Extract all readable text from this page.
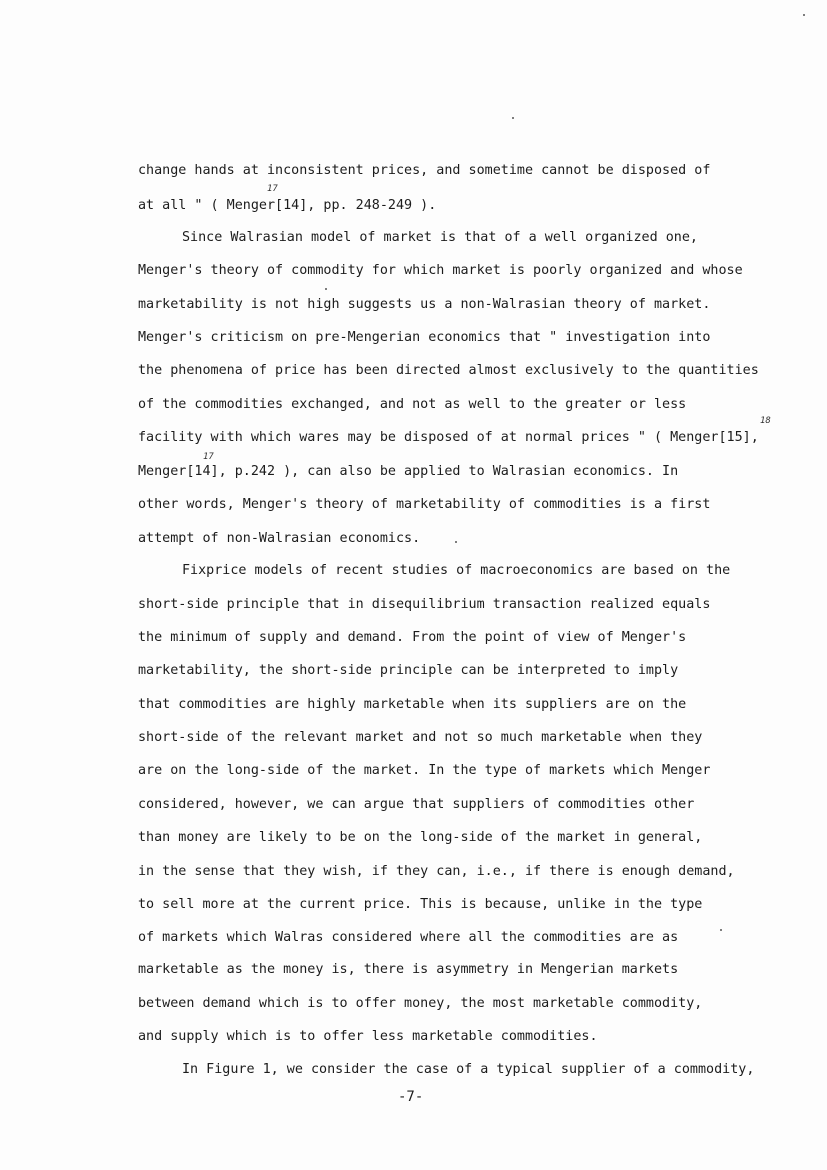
change hands at inconsistent prices, and sometime cannot be disposed of
at all " ( Menger[14], pp. 248-249 ).
Since Walrasian model of market is that of a well organized one,
Menger's theory of commodity for which market is poorly organized and whose
marketability is not high suggests us a non-Walrasian theory of market.
Menger's criticism on pre-Mengerian economics that " investigation into
the phenomena of price has been directed almost exclusively to the quantities
of the commodities exchanged, and not as well to the greater or less
facility with which wares may be disposed of at normal prices " ( Menger[15],
Menger[14], p.242 ), can also be applied to Walrasian economics. In
other words, Menger's theory of marketability of commodities is a first
attempt of non-Walrasian economics.
Fixprice models of recent studies of macroeconomics are based on the
short-side principle that in disequilibrium transaction realized equals
the minimum of supply and demand. From the point of view of Menger's
marketability, the short-side principle can be interpreted to imply
that commodities are highly marketable when its suppliers are on the
short-side of the relevant market and not so much marketable when they
are on the long-side of the market. In the type of markets which Menger
considered, however, we can argue that suppliers of commodities other
than money are likely to be on the long-side of the market in general,
in the sense that they wish, if they can, i.e., if there is enough demand,
to sell more at the current price. This is because, unlike in the type
of markets which Walras considered where all the commodities are as
marketable as the money is, there is asymmetry in Mengerian markets
between demand which is to offer money, the most marketable commodity,
and supply which is to offer less marketable commodities.
In Figure 1, we consider the case of a typical supplier of a commodity,
17
18
17
-7-
